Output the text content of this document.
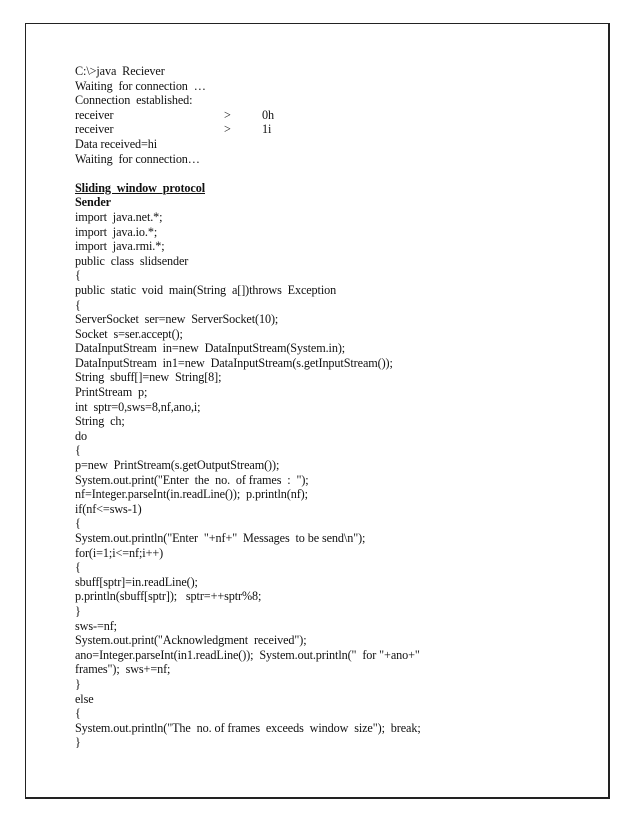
C:\>java  Reciever
Waiting  for connection  …
Connection  established:
receiver	>	0h
receiver	>	1i
Data received=hi
Waiting  for connection…
Sliding  window  protocol
Sender
import  java.net.*;
import  java.io.*;
import  java.rmi.*;
public  class  slidsender
{
public  static  void  main(String  a[])throws  Exception
{
ServerSocket  ser=new  ServerSocket(10);
Socket  s=ser.accept();
DataInputStream  in=new  DataInputStream(System.in);
DataInputStream  in1=new  DataInputStream(s.getInputStream());
String  sbuff[]=new  String[8];
PrintStream  p;
int  sptr=0,sws=8,nf,ano,i;
String  ch;
do
{
p=new  PrintStream(s.getOutputStream());
System.out.print("Enter  the  no.  of frames  :  ");
nf=Integer.parseInt(in.readLine());  p.println(nf);
if(nf<=sws-1)
{
System.out.println("Enter  "+nf+"  Messages  to be send\n");
for(i=1;i<=nf;i++)
{
sbuff[sptr]=in.readLine();
p.println(sbuff[sptr]);   sptr=++sptr%8;
}
sws-=nf;
System.out.print("Acknowledgment  received");
ano=Integer.parseInt(in1.readLine());  System.out.println("  for "+ano+"
frames");  sws+=nf;
}
else
{
System.out.println("The  no. of frames  exceeds  window  size");  break;
}
